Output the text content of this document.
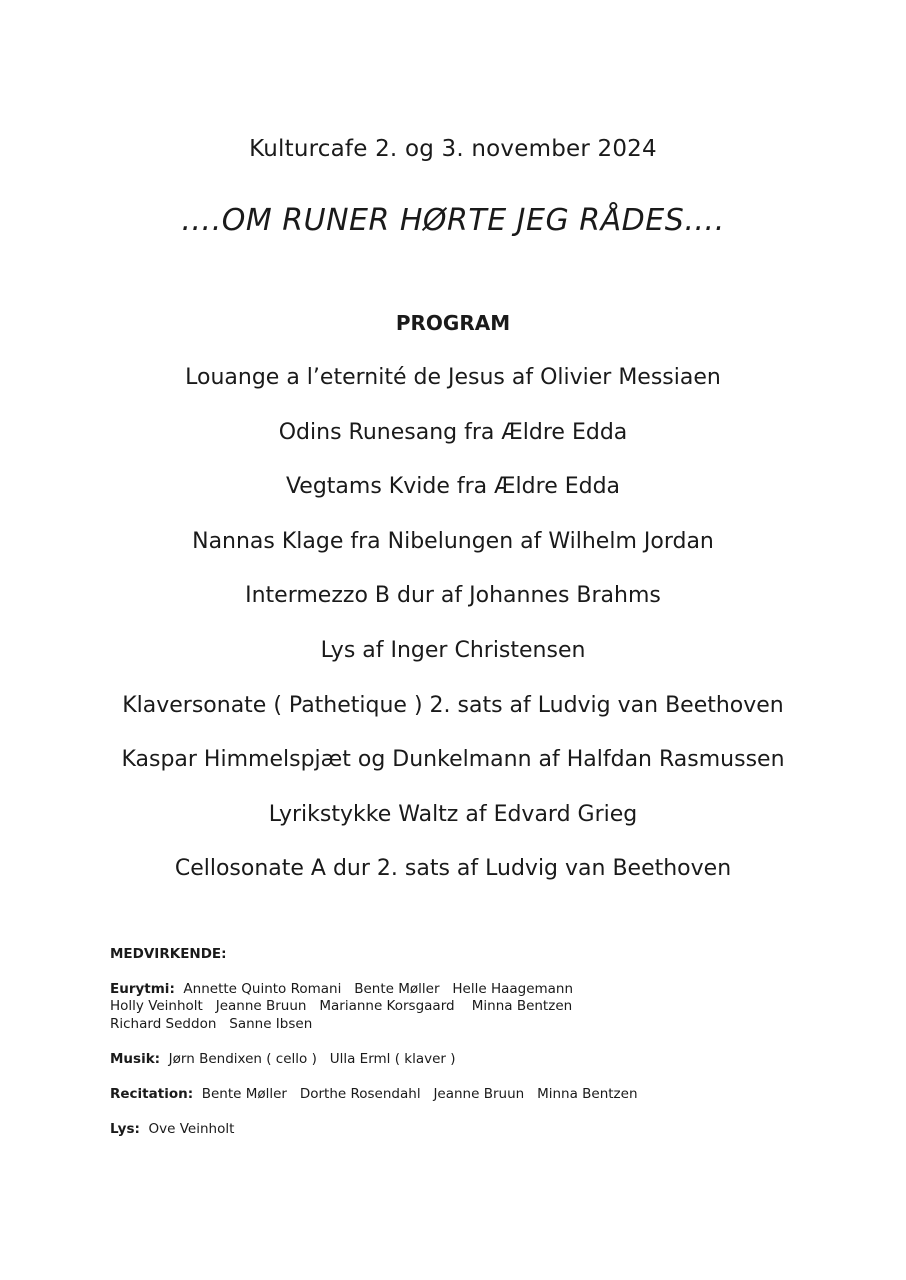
Kulturcafe 2. og 3. november 2024
….OM RUNER HØRTE JEG RÅDES….
PROGRAM
Louange a l’eternité de Jesus af Olivier Messiaen
Odins Runesang fra Ældre Edda
Vegtams Kvide fra Ældre Edda
Nannas Klage fra Nibelungen af Wilhelm Jordan
Intermezzo B dur af Johannes Brahms
Lys af Inger Christensen
Klaversonate ( Pathetique ) 2. sats af Ludvig van Beethoven
Kaspar Himmelspjæt og Dunkelmann af Halfdan Rasmussen
Lyrikstykke Waltz af Edvard Grieg
Cellosonate A dur 2. sats af Ludvig van Beethoven
MEDVIRKENDE:
Eurytmi:  Annette Quinto Romani   Bente Møller   Helle Haagemann
Holly Veinholt   Jeanne Bruun   Marianne Korsgaard    Minna Bentzen
Richard Seddon   Sanne Ibsen
Musik:  Jørn Bendixen ( cello )   Ulla Erml ( klaver )
Recitation:  Bente Møller   Dorthe Rosendahl   Jeanne Bruun   Minna Bentzen
Lys:  Ove Veinholt
